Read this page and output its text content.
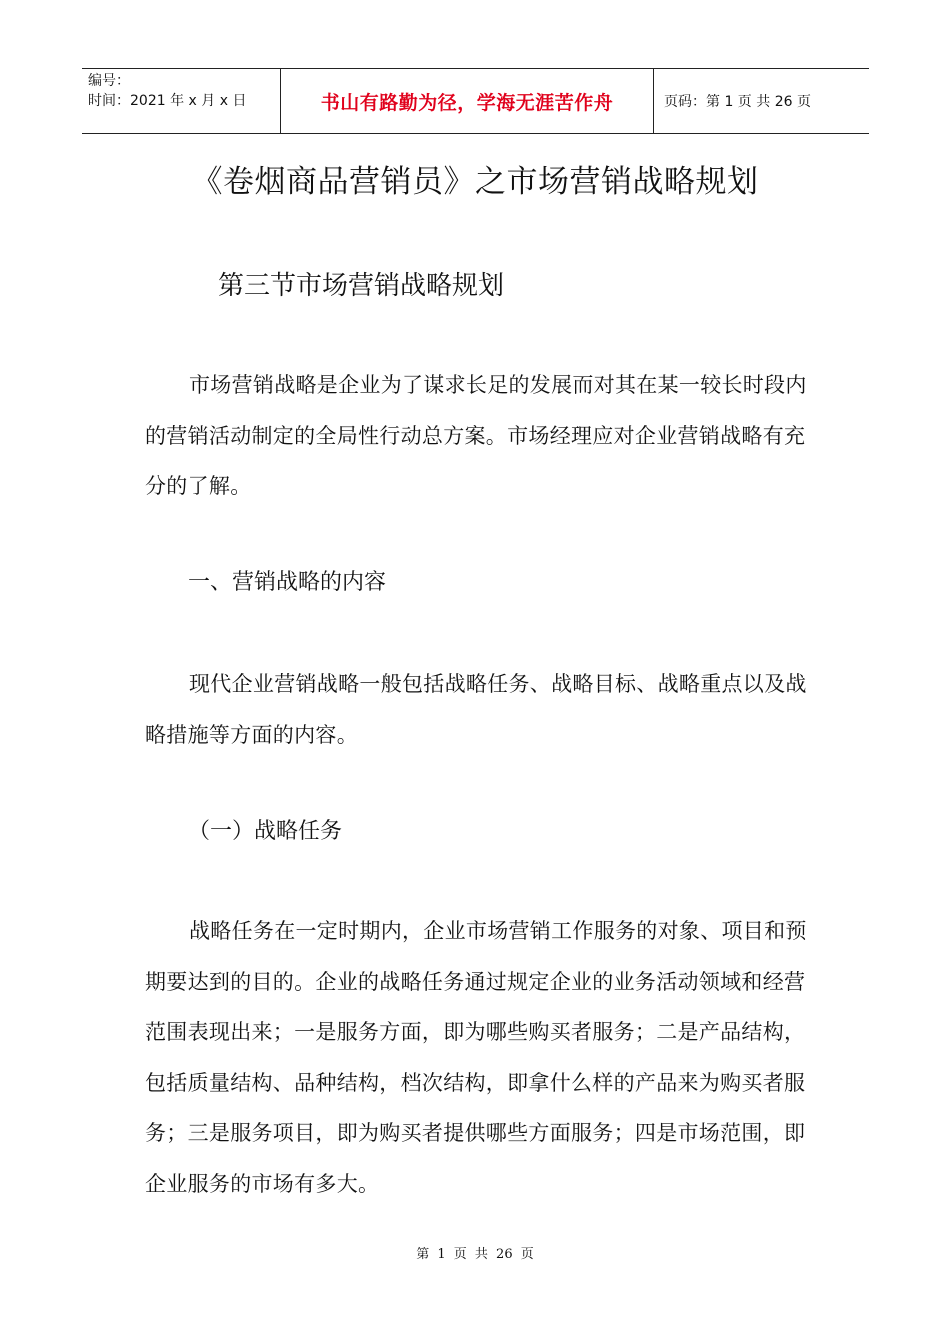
编号：
时间：2021 年 x 月 x 日	书山有路勤为径，学海无涯苦作舟	页码：第 1 页 共 26 页
《卷烟商品营销员》之市场营销战略规划
第三节市场营销战略规划

市场营销战略是企业为了谋求长足的发展而对其在某一较长时段内的营销活动制定的全局性行动总方案。市场经理应对企业营销战略有充分的了解。

一、营销战略的内容

现代企业营销战略一般包括战略任务、战略目标、战略重点以及战略措施等方面的内容。

（一）战略任务

战略任务在一定时期内，企业市场营销工作服务的对象、项目和预期要达到的目的。企业的战略任务通过规定企业的业务活动领域和经营范围表现出来；一是服务方面，即为哪些购买者服务；二是产品结构，包括质量结构、品种结构，档次结构，即拿什么样的产品来为购买者服务；三是服务项目，即为购买者提供哪些方面服务；四是市场范围，即企业服务的市场有多大。

第 1 页 共 26 页
